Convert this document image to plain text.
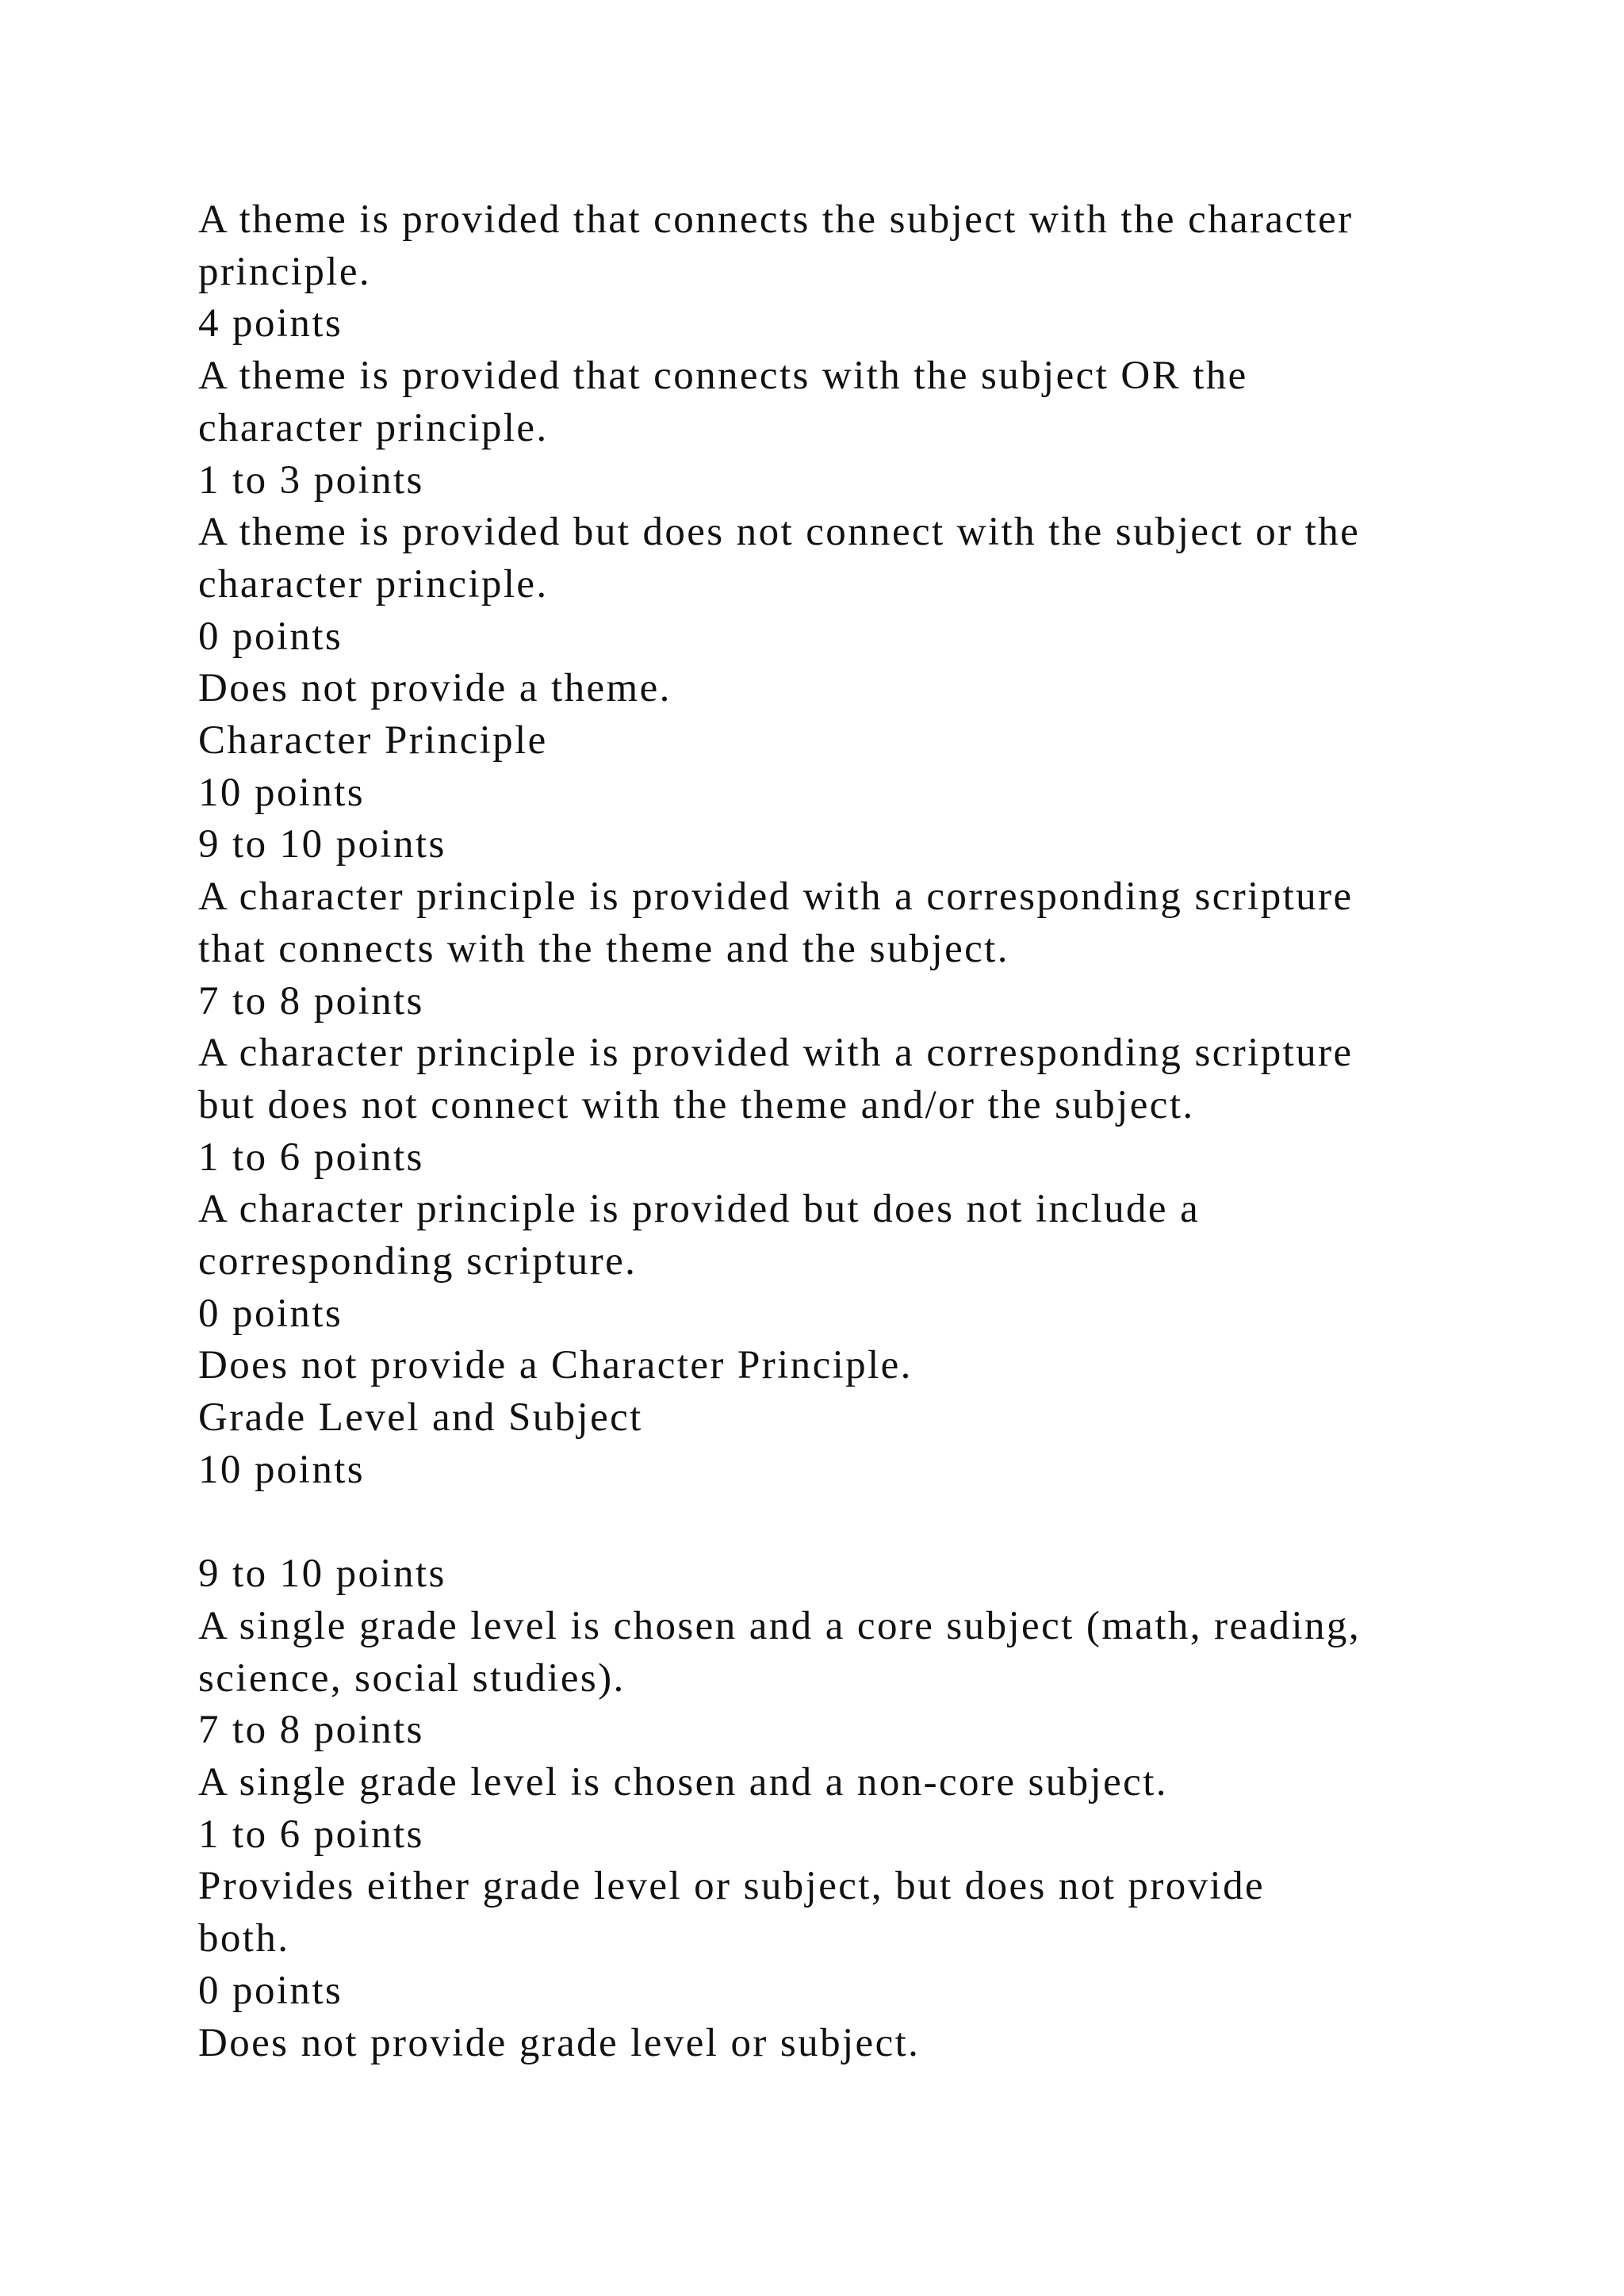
A theme is provided that connects the subject with the character
principle.
4 points
A theme is provided that connects with the subject OR the
character principle.
1 to 3 points
A theme is provided but does not connect with the subject or the
character principle.
0 points
Does not provide a theme.
Character Principle
10 points
9 to 10 points
A character principle is provided with a corresponding scripture
that connects with the theme and the subject.
7 to 8 points
A character principle is provided with a corresponding scripture
but does not connect with the theme and/or the subject.
1 to 6 points
A character principle is provided but does not include a
corresponding scripture.
0 points
Does not provide a Character Principle.
Grade Level and Subject
10 points
9 to 10 points
A single grade level is chosen and a core subject (math, reading,
science, social studies).
7 to 8 points
A single grade level is chosen and a non-core subject.
1 to 6 points
Provides either grade level or subject, but does not provide
both.
0 points
Does not provide grade level or subject.
